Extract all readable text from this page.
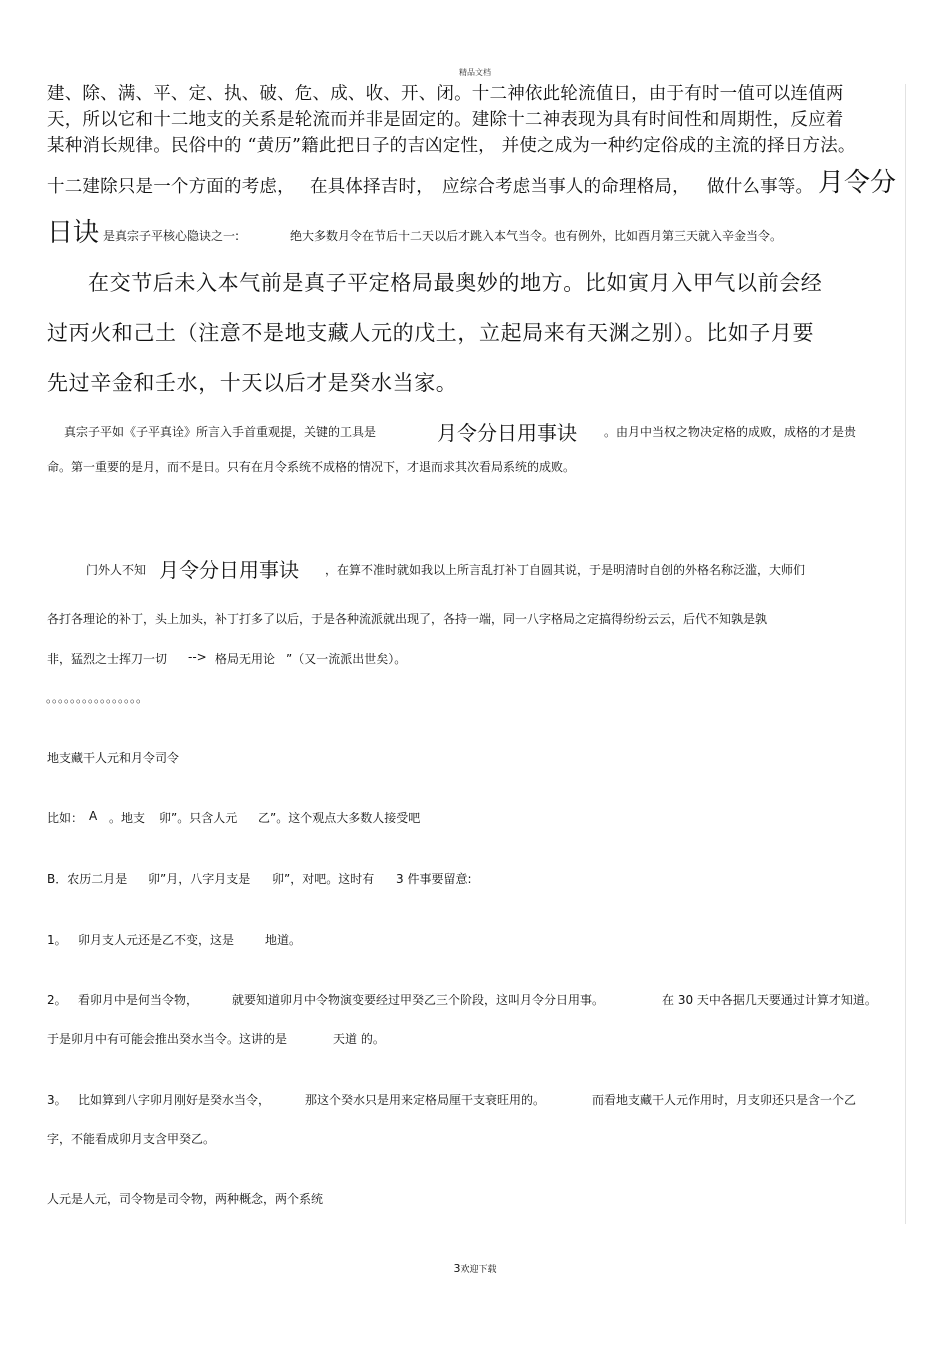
精品文档
建、除、满、平、定、执、破、危、成、收、开、闭。十二神依此轮流值日，由于有时一值可以连值两
天，所以它和十二地支的关系是轮流而并非是固定的。建除十二神表现为具有时间性和周期性，反应着
某种消长规律。民俗中的 “黄历”籍此把日子的吉凶定性， 并使之成为一种约定俗成的主流的择日方法。
十二建除只是一个方面的考虑， 在具体择吉时， 应综合考虑当事人的命理格局， 做什么事等。 月令分
日诀 是真宗子平核心隐诀之一:	绝大多数月令在节后十二天以后才跳入本气当令。也有例外，比如酉月第三天就入辛金当令。
在交节后未入本气前是真子平定格局最奥妙的地方。比如寅月入甲气以前会经
过丙火和己土（注意不是地支藏人元的戊土，立起局来有天渊之别）。比如子月要
先过辛金和壬水，十天以后才是癸水当家。
真宗子平如《子平真诠》所言入手首重观提，关键的工具是	月令分日用事诀 。由月中当权之物决定格的成败，成格的才是贵
命。第一重要的是月，而不是日。只有在月令系统不成格的情况下，才退而求其次看局系统的成败。
门外人不知 月令分日用事诀 ，在算不准时就如我以上所言乱打补丁自圆其说，于是明清时自创的外格名称泛滥，大师们
各打各理论的补丁，头上加头，补丁打多了以后，于是各种流派就出现了，各持一端，同一八字格局之定搞得纷纷云云，后代不知孰是孰
非，猛烈之士挥刀一切 --> 格局无用论 ”（又一流派出世矣）。
。。。。。。。。。。。。。。。。
地支藏干人元和月令司令
比如： A 。地支 卯”。只含人元 乙”。这个观点大多数人接受吧
B．农历二月是 卯”月，八字月支是 卯”，对吧。这时有 3 件事要留意:
1。 卯月支人元还是乙不变，这是	地道。
2。 看卯月中是何当令物，	就要知道卯月中令物演变要经过甲癸乙三个阶段，这叫月令分日用事。	在 30 天中各据几天要通过计算才知道。
于是卯月中有可能会推出癸水当令。这讲的是	天道 的。
3。 比如算到八字卯月刚好是癸水当令，	那这个癸水只是用来定格局厘干支衰旺用的。	而看地支藏干人元作用时，月支卯还只是含一个乙
字，不能看成卯月支含甲癸乙。
人元是人元，司令物是司令物，两种概念，两个系统
3欢迎下载
